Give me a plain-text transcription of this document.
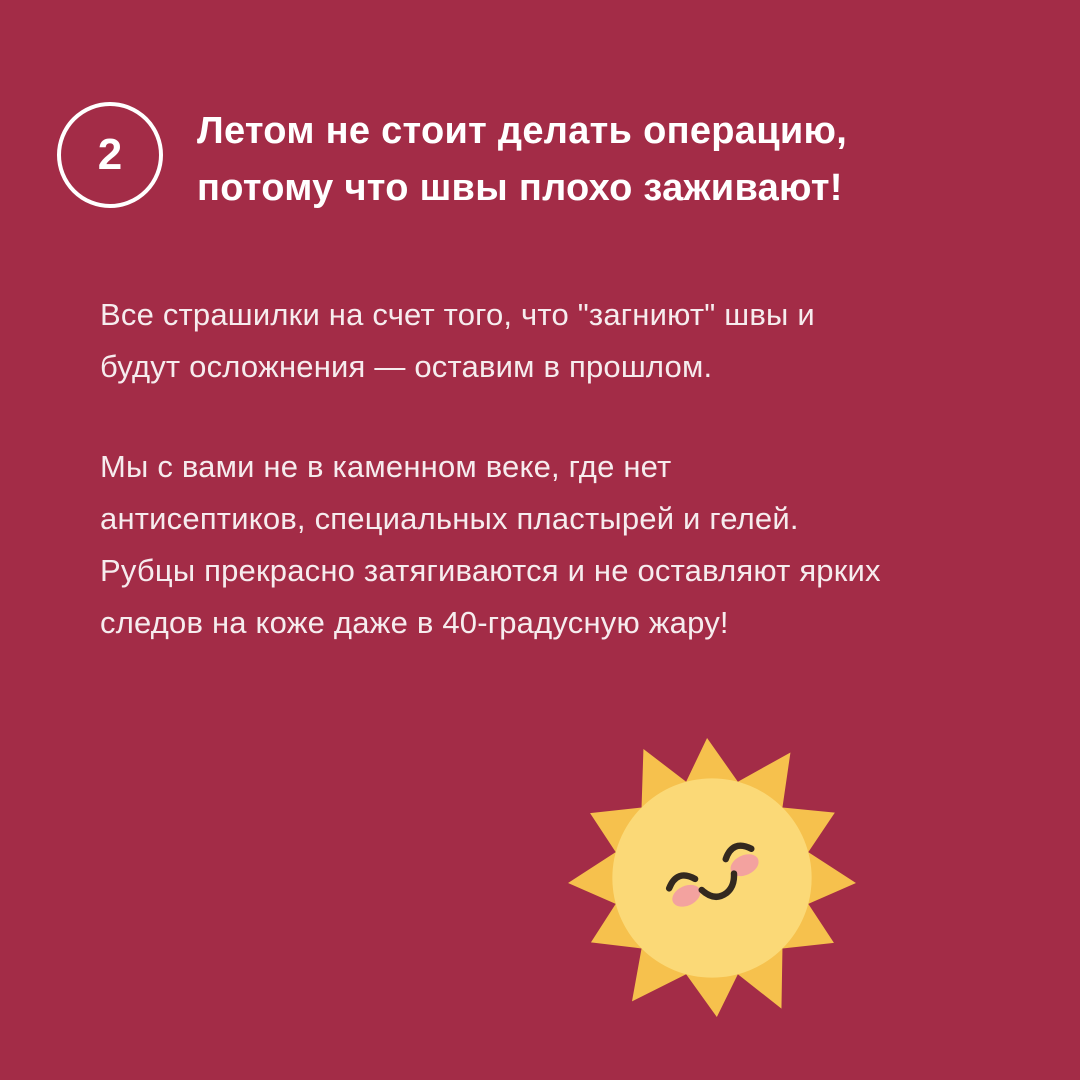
2 Летом не стоит делать операцию,
потому что швы плохо заживают!

Все страшилки на счет того, что "загниют" швы и
будут осложнения — оставим в прошлом.

Мы с вами не в каменном веке, где нет
антисептиков, специальных пластырей и гелей.
Рубцы прекрасно затягиваются и не оставляют ярких
следов на коже даже в 40-градусную жару!
